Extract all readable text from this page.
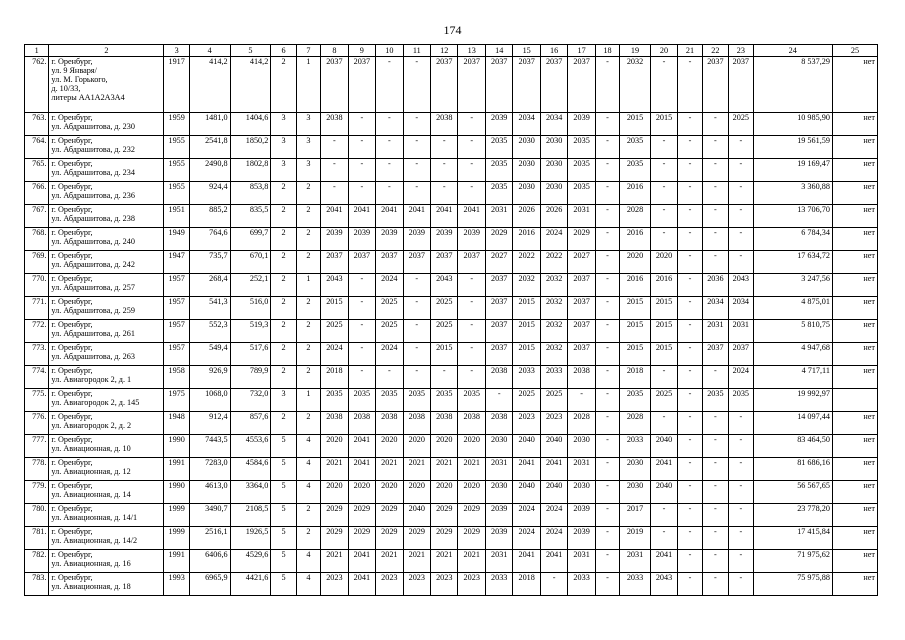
174
1	2	3	4	5	6	7	8	9	10	11	12	13	14	15	16	17	18	19	20	21	22	23	24	25
762.	г. Оренбург,
ул. 9 Января/
ул. М. Горького,
д. 10/33,
литеры АА1А2А3А4	1917	414,2	414,2	2	1	2037	2037	-	-	2037	2037	2037	2037	2037	2037	-	2032	-	-	2037	2037	8 537,29	нет
763.	г. Оренбург,
ул. Абдрашитова, д. 230	1959	1481,0	1404,6	3	3	2038	-	-	-	2038	-	2039	2034	2034	2039	-	2015	2015	-	-	2025	10 985,90	нет
764.	г. Оренбург,
ул. Абдрашитова, д. 232	1955	2541,8	1850,2	3	3	-	-	-	-	-	-	2035	2030	2030	2035	-	2035	-	-	-	-	19 561,59	нет
765.	г. Оренбург,
ул. Абдрашитова, д. 234	1955	2490,8	1802,8	3	3	-	-	-	-	-	-	2035	2030	2030	2035	-	2035	-	-	-	-	19 169,47	нет
766.	г. Оренбург,
ул. Абдрашитова, д. 236	1955	924,4	853,8	2	2	-	-	-	-	-	-	2035	2030	2030	2035	-	2016	-	-	-	-	3 360,88	нет
767.	г. Оренбург,
ул. Абдрашитова, д. 238	1951	885,2	835,5	2	2	2041	2041	2041	2041	2041	2041	2031	2026	2026	2031	-	2028	-	-	-	-	13 706,70	нет
768.	г. Оренбург,
ул. Абдрашитова, д. 240	1949	764,6	699,7	2	2	2039	2039	2039	2039	2039	2039	2029	2016	2024	2029	-	2016	-	-	-	-	6 784,34	нет
769.	г. Оренбург,
ул. Абдрашитова, д. 242	1947	735,7	670,1	2	2	2037	2037	2037	2037	2037	2037	2027	2022	2022	2027	-	2020	2020	-	-	-	17 634,72	нет
770.	г. Оренбург,
ул. Абдрашитова, д. 257	1957	268,4	252,1	2	1	2043	-	2024	-	2043	-	2037	2032	2032	2037	-	2016	2016	-	2036	2043	3 247,56	нет
771.	г. Оренбург,
ул. Абдрашитова, д. 259	1957	541,3	516,0	2	2	2015	-	2025	-	2025	-	2037	2015	2032	2037	-	2015	2015	-	2034	2034	4 875,01	нет
772.	г. Оренбург,
ул. Абдрашитова, д. 261	1957	552,3	519,3	2	2	2025	-	2025	-	2025	-	2037	2015	2032	2037	-	2015	2015	-	2031	2031	5 810,75	нет
773.	г. Оренбург,
ул. Абдрашитова, д. 263	1957	549,4	517,6	2	2	2024	-	2024	-	2015	-	2037	2015	2032	2037	-	2015	2015	-	2037	2037	4 947,68	нет
774.	г. Оренбург,
ул. Авиагородок 2, д. 1	1958	926,9	789,9	2	2	2018	-	-	-	-	-	2038	2033	2033	2038	-	2018	-	-	-	2024	4 717,11	нет
775.	г. Оренбург,
ул. Авиагородок 2, д. 145	1975	1068,0	732,0	3	1	2035	2035	2035	2035	2035	2035	-	2025	2025	-	-	2035	2025	-	2035	2035	19 992,97	
776.	г. Оренбург,
ул. Авиагородок 2, д. 2	1948	912,4	857,6	2	2	2038	2038	2038	2038	2038	2038	2038	2023	2023	2028	-	2028	-	-	-	-	14 097,44	нет
777.	г. Оренбург,
ул. Авиационная, д. 10	1990	7443,5	4553,6	5	4	2020	2041	2020	2020	2020	2020	2030	2040	2040	2030	-	2033	2040	-	-	-	83 464,50	нет
778.	г. Оренбург,
ул. Авиационная, д. 12	1991	7283,0	4584,6	5	4	2021	2041	2021	2021	2021	2021	2031	2041	2041	2031	-	2030	2041	-	-	-	81 686,16	нет
779.	г. Оренбург,
ул. Авиационная, д. 14	1990	4613,0	3364,0	5	4	2020	2020	2020	2020	2020	2020	2030	2040	2040	2030	-	2030	2040	-	-	-	56 567,65	нет
780.	г. Оренбург,
ул. Авиационная, д. 14/1	1999	3490,7	2108,5	5	2	2029	2029	2029	2040	2029	2029	2039	2024	2024	2039	-	2017	-	-	-	-	23 778,20	нет
781.	г. Оренбург,
ул. Авиационная, д. 14/2	1999	2516,1	1926,5	5	2	2029	2029	2029	2029	2029	2029	2039	2024	2024	2039	-	2019	-	-	-	-	17 415,84	нет
782.	г. Оренбург,
ул. Авиационная, д. 16	1991	6406,6	4529,6	5	4	2021	2041	2021	2021	2021	2021	2031	2041	2041	2031	-	2031	2041	-	-	-	71 975,62	нет
783.	г. Оренбург,
ул. Авиационная, д. 18	1993	6965,9	4421,6	5	4	2023	2041	2023	2023	2023	2023	2033	2018	-	2033	-	2033	2043	-	-	-	75 975,88	нет
